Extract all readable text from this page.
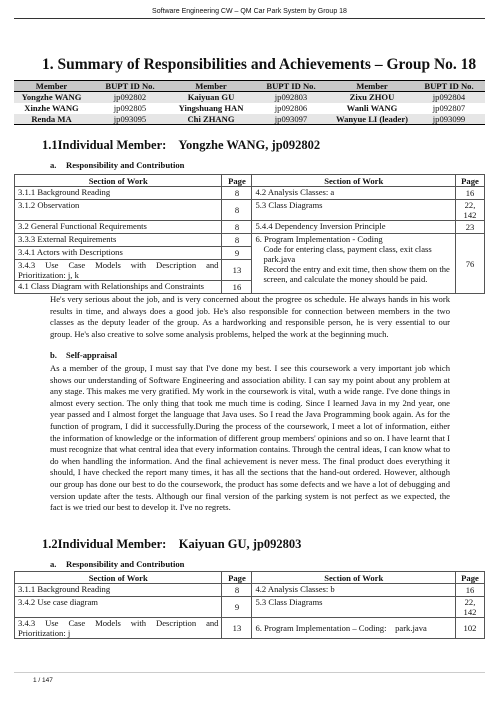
Software Engineering CW – QM Car Park System by Group 18
1. Summary of Responsibilities and Achievements – Group No. 18
Member	BUPT ID No.	Member	BUPT ID No.	Member	BUPT ID No.
Yongzhe WANG	jp092802	Kaiyuan GU	jp092803	Zixu ZHOU	jp092804
Xinzhe WANG	jp092805	Yingshuang HAN	jp092806	Wanli WANG	jp092807
Renda MA	jp093095	Chi ZHANG	jp093097	Wanyue LI (leader)	jp093099
1.1Individual Member:    Yongzhe WANG, jp092802
a. Responsibility and Contribution
Section of Work	Page	Section of Work	Page
3.1.1 Background Reading	8	4.2 Analysis Classes: a	16
3.1.2 Observation	8	5.3 Class Diagrams	22, 142
3.2 General Functional Requirements	8	5.4.4 Dependency Inversion Principle	23
3.3.3 External Requirements	8	6. Program Implementation - Coding
Code for entering class, payment class, exit class park.java
Record the entry and exit time, then show them on the screen, and calculate the money should be paid.	76
3.4.1 Actors with Descriptions	9		

3.4.3 Use Case Models with Description and
Prioritization: j, k	13		
4.1 Class Diagram with Relationships and Constraints	16		
He's very serious about the job, and is very concerned about the progree os schedule. He always hands in his work results in time, and always does a good job. He's also responsible for connection between members in the two classes as the deputy leader of the group. As a hardworking and responsible person, he is very essential to our group. He's also creative to solve some analysis problems, helped the work at the beginning much.
b. Self-appraisal
As a member of the group, I must say that I've done my best. I see this coursework a very important job which shows our understanding of Software Engineering and association ability. I can say my point about any problem at any stage. This makes me very gratified. My work in the coursework is vital, wuth a wide range. I've done things in almost every section. The only thing that took me much time is coding. Since I learned Java in my 2nd year, one year passed and I almost forget the language that Java uses. So I read the Java Programming book again. As for the function of program, I did it successfully.During the process of the coursework, I meet a lot of information, either the information of knowledge or the information of different group members' opinions and so on. I have learnt that I must recognize that what central idea that every information contains. Through the central ideas, I can know what to do when handling the information. And the final achievement is never mess. The final product does everything it should, I have checked the report many times, it has all the sections that the hand-out ordered. However, although our group has done our best to do the coursework, the product has some defects and we have a lot of debugging and version update after the tests. Although our final version of the parking system is not perfect as we expected, the fact is we tried our best to develop it. I've no regrets.
1.2Individual Member:    Kaiyuan GU, jp092803
a. Responsibility and Contribution
Section of Work	Page	Section of Work	Page
3.1.1 Background Reading	8	4.2 Analysis Classes: b	16
3.4.2 Use case diagram	9	5.3 Class Diagrams	22, 142

3.4.3 Use Case Models with Description and
Prioritization: j	13	6. Program Implementation – Coding:    park.java	102
1 / 147
